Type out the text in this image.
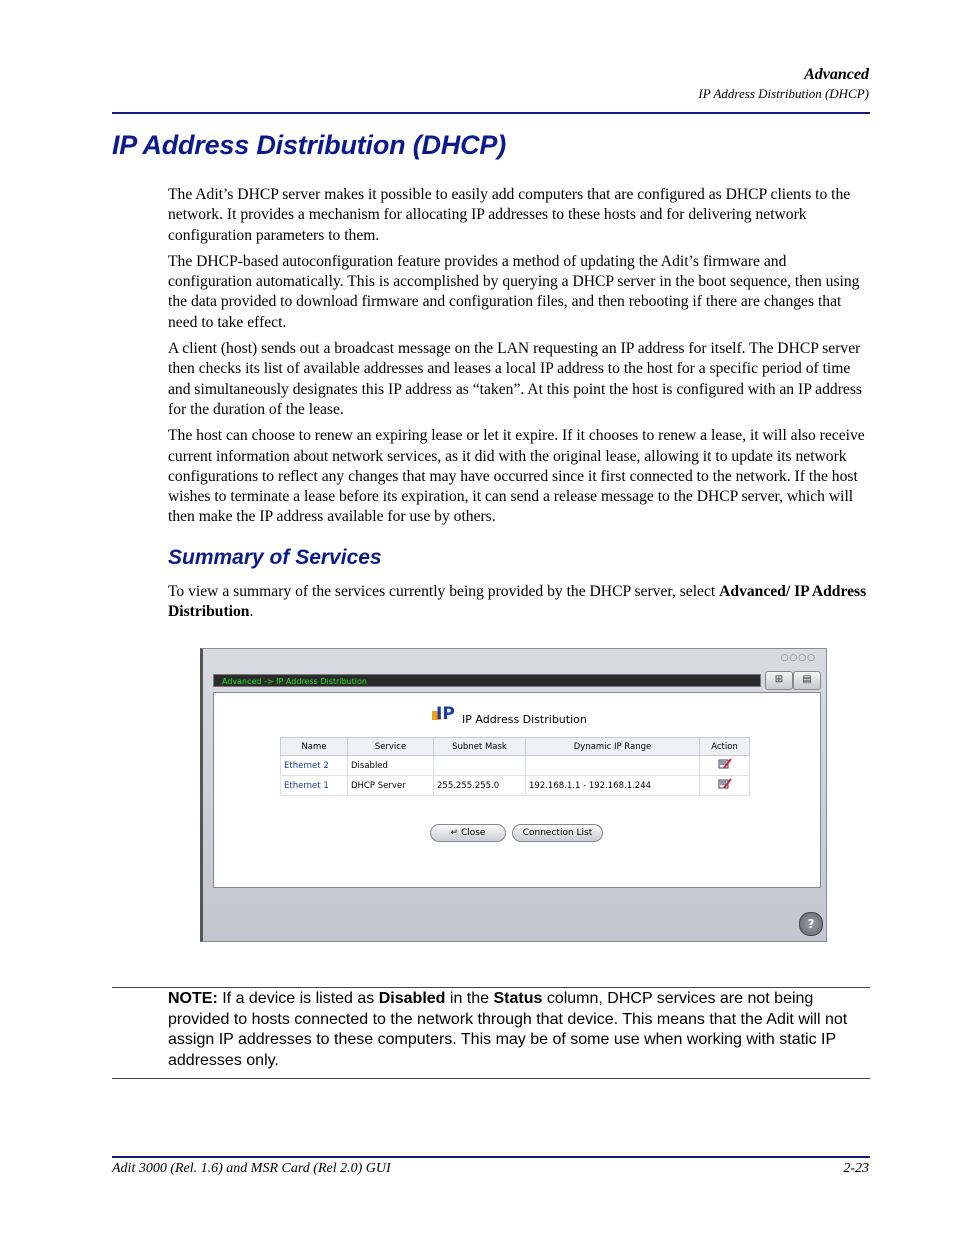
Advanced
IP Address Distribution (DHCP)
IP Address Distribution (DHCP)

The Adit’s DHCP server makes it possible to easily add computers that are configured as DHCP clients to the network. It provides a mechanism for allocating IP addresses to these hosts and for delivering network configuration parameters to them.

The DHCP-based autoconfiguration feature provides a method of updating the Adit’s firmware and configuration automatically. This is accomplished by querying a DHCP server in the boot sequence, then using the data provided to download firmware and configuration files, and then rebooting if there are changes that need to take effect.

A client (host) sends out a broadcast message on the LAN requesting an IP address for itself. The DHCP server then checks its list of available addresses and leases a local IP address to the host for a specific period of time and simultaneously designates this IP address as “taken”. At this point the host is configured with an IP address for the duration of the lease.

The host can choose to renew an expiring lease or let it expire. If it chooses to renew a lease, it will also receive current information about network services, as it did with the original lease, allowing it to update its network configurations to reflect any changes that may have occurred since it first connected to the network. If the host wishes to terminate a lease before its expiration, it can send a release message to the DHCP server, which will then make the IP address available for use by others.

Summary of Services
To view a summary of the services currently being provided by the DHCP server, select Advanced/ IP Address Distribution.
○○○○
Advanced -> IP Address Distribution	⊞	▤
IP IP Address Distribution
Name	Service	Subnet Mask	Dynamic IP Range	Action
Ethernet 2	Disabled			
Ethernet 1	DHCP Server	255.255.255.0	192.168.1.1 - 192.168.1.244	
↵ Close	Connection List
?
NOTE: If a device is listed as Disabled in the Status column, DHCP services are not being provided to hosts connected to the network through that device. This means that the Adit will not assign IP addresses to these computers. This may be of some use when working with static IP addresses only.
Adit 3000 (Rel. 1.6) and MSR Card (Rel 2.0) GUI	2-23
